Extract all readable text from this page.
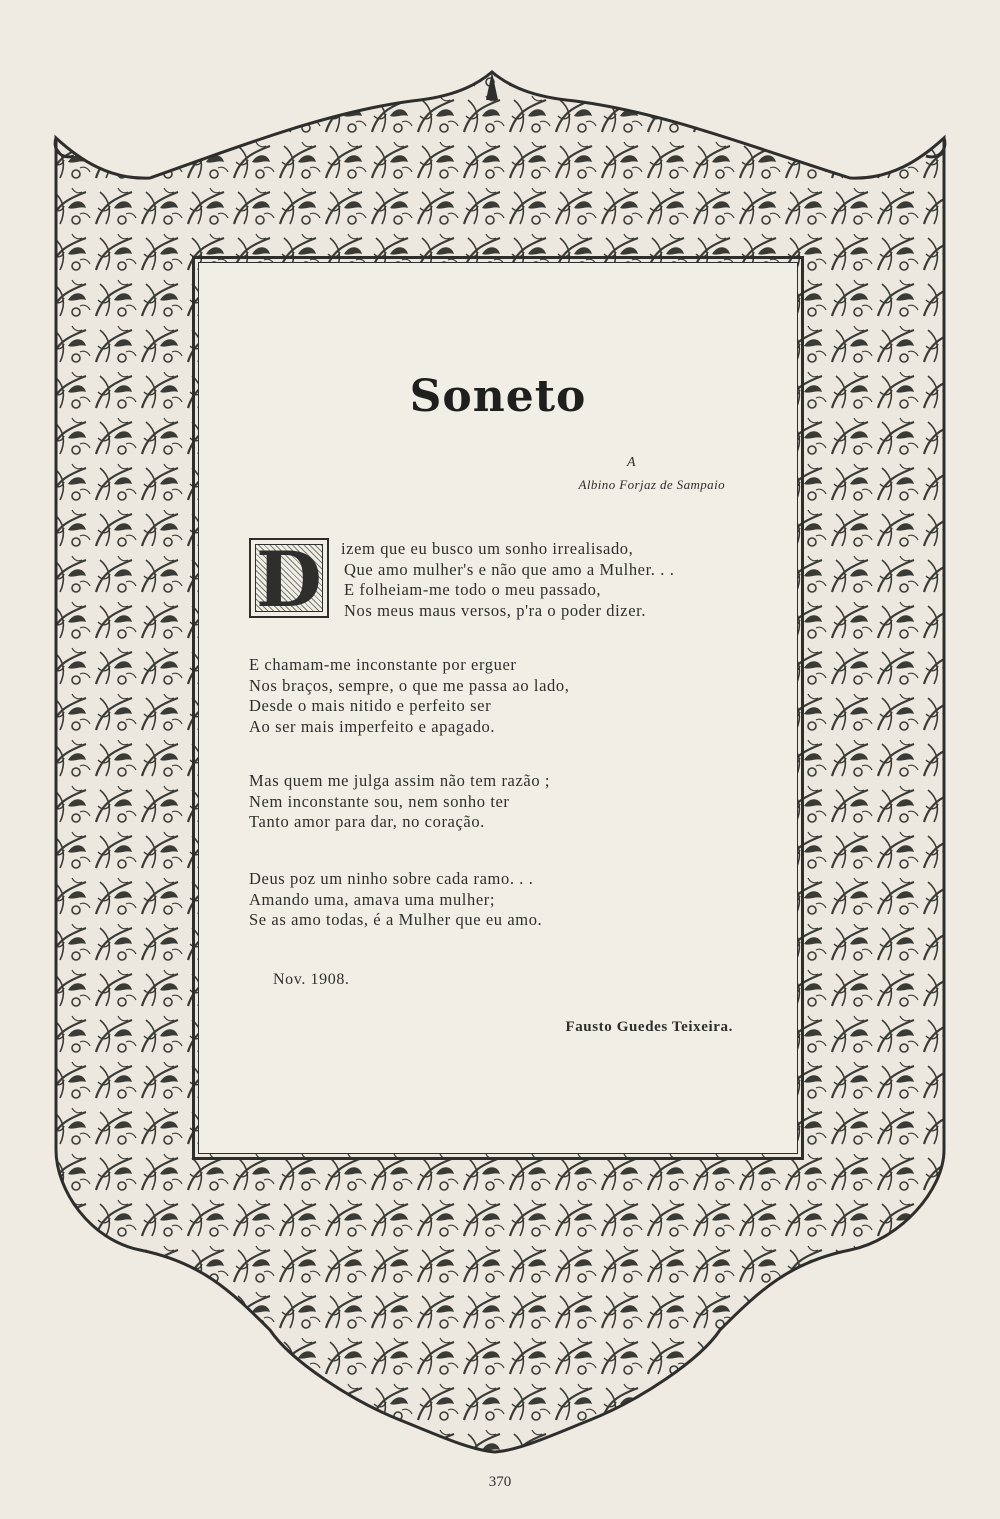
Soneto
A
Albino Forjaz de Sampaio
D	izem que eu busco um sonho irrealisado,
Que amo mulher's e não que amo a Mulher. . .
E folheiam-me todo o meu passado,
Nos meus maus versos, p'ra o poder dizer.
E chamam-me inconstante por erguer
Nos braços, sempre, o que me passa ao lado,
Desde o mais nitido e perfeito ser
Ao ser mais imperfeito e apagado.
Mas quem me julga assim não tem razão ;
Nem inconstante sou, nem sonho ter
Tanto amor para dar, no coração.
Deus poz um ninho sobre cada ramo. . .
Amando uma, amava uma mulher;
Se as amo todas, é a Mulher que eu amo.
Nov. 1908.
Fausto Guedes Teixeira.
370
